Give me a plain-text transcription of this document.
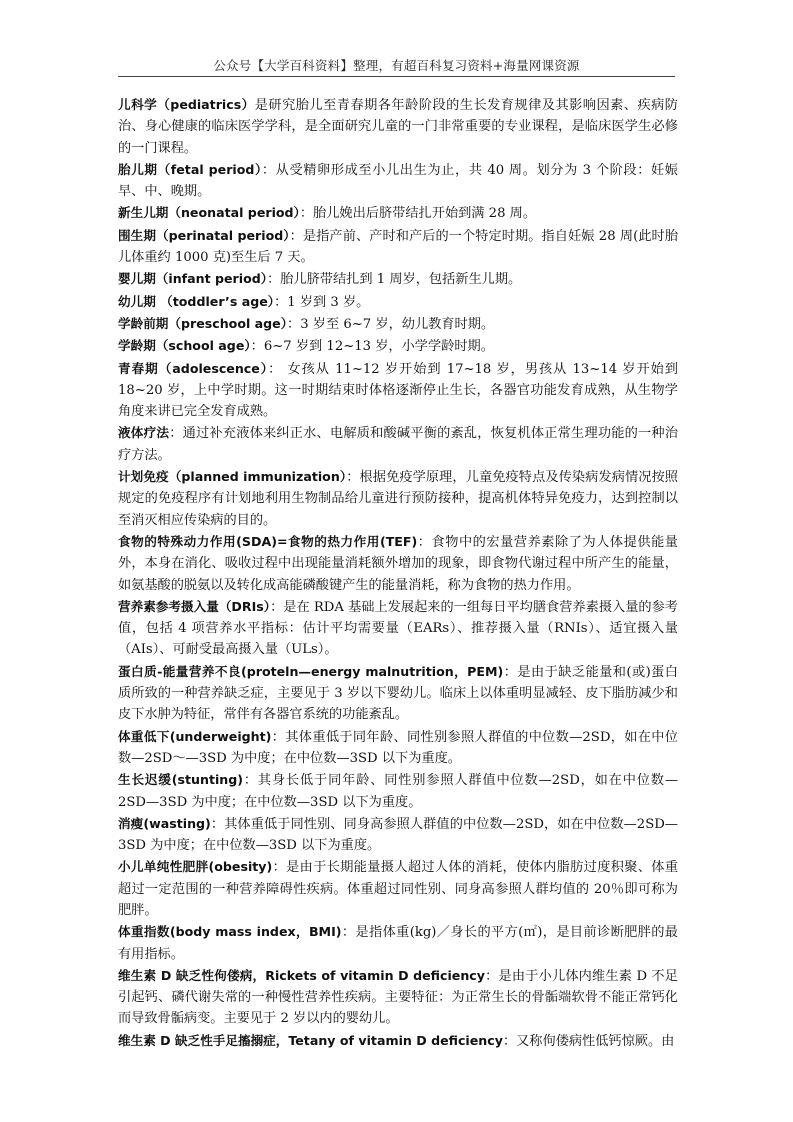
公众号【大学百科资料】整理，有超百科复习资料+海量网课资源

儿科学（pediatrics）是研究胎儿至青春期各年龄阶段的生长发育规律及其影响因素、疾病防治、身心健康的临床医学学科，是全面研究儿童的一门非常重要的专业课程，是临床医学生必修的一门课程。

胎儿期（fetal period）：从受精卵形成至小儿出生为止，共 40 周。划分为 3 个阶段：妊娠早、中、晚期。

新生儿期（neonatal period）：胎儿娩出后脐带结扎开始到满 28 周。

围生期（perinatal period）：是指产前、产时和产后的一个特定时期。指自妊娠 28 周(此时胎儿体重约 1000 克)至生后 7 天。

婴儿期（infant period）：胎儿脐带结扎到 1 周岁，包括新生儿期。

幼儿期 （toddler’s age）：1 岁到 3 岁。

学龄前期（preschool age）：3 岁至 6~7 岁，幼儿教育时期。

学龄期（school age）：6~7 岁到 12~13 岁，小学学龄时期。

青春期（adolescence）： 女孩从 11~12 岁开始到 17~18 岁，男孩从 13~14 岁开始到 18~20 岁，上中学时期。这一时期结束时体格逐渐停止生长，各器官功能发育成熟，从生物学角度来讲已完全发育成熟。

液体疗法：通过补充液体来纠正水、电解质和酸碱平衡的紊乱，恢复机体正常生理功能的一种治疗方法。

计划免疫（planned immunization）：根据免疫学原理，儿童免疫特点及传染病发病情况按照规定的免疫程序有计划地利用生物制品给儿童进行预防接种，提高机体特异免疫力，达到控制以至消灭相应传染病的目的。

食物的特殊动力作用(SDA)=食物的热力作用(TEF)：食物中的宏量营养素除了为人体提供能量外，本身在消化、吸收过程中出现能量消耗额外增加的现象，即食物代谢过程中所产生的能量，如氨基酸的脱氨以及转化成高能磷酸键产生的能量消耗，称为食物的热力作用。

营养素参考摄入量（DRIs）：是在 RDA 基础上发展起来的一组每日平均膳食营养素摄入量的参考值，包括 4 项营养水平指标：估计平均需要量（EARs）、推荐摄入量（RNIs）、适宜摄入量（AIs）、可耐受最高摄入量（ULs）。

蛋白质-能量营养不良(proteln—energy malnutrition，PEM)：是由于缺乏能量和(或)蛋白质所致的一种营养缺乏症，主要见于 3 岁以下婴幼儿。临床上以体重明显减轻、皮下脂肪减少和皮下水肿为特征，常伴有各器官系统的功能紊乱。

体重低下(underweight)：其体重低于同年龄、同性别参照人群值的中位数—2SD，如在中位数—2SD～—3SD 为中度；在中位数—3SD 以下为重度。

生长迟缓(stunting)：其身长低于同年龄、同性别参照人群值中位数—2SD，如在中位数—2SD—3SD 为中度；在中位数—3SD 以下为重度。

消瘦(wasting)：其体重低于同性别、同身高参照人群值的中位数—2SD，如在中位数—2SD—3SD 为中度；在中位数—3SD 以下为重度。

小儿单纯性肥胖(obesity)：是由于长期能量摄人超过人体的消耗，使体内脂肪过度积聚、体重超过一定范围的一种营养障碍性疾病。体重超过同性别、同身高参照人群均值的 20％即可称为肥胖。

体重指数(body mass index，BMI)：是指体重(kg)／身长的平方(㎡)，是目前诊断肥胖的最有用指标。

维生素 D 缺乏性佝偻病，Rickets of vitamin D deficiency：是由于小儿体内维生素 D 不足引起钙、磷代谢失常的一种慢性营养性疾病。主要特征：为正常生长的骨骺端软骨不能正常钙化而导致骨骺病变。主要见于 2 岁以内的婴幼儿。

维生素 D 缺乏性手足搐搦症，Tetany of vitamin D deficiency：又称佝偻病性低钙惊厥。由
